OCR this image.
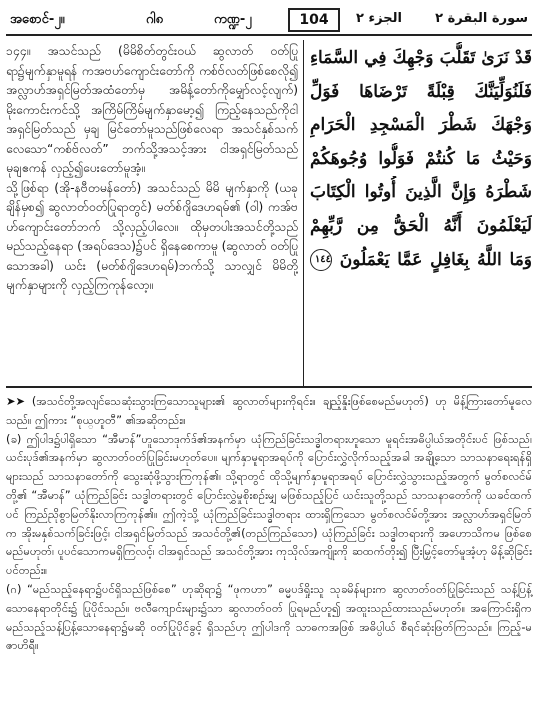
အစောင်-၂။	ဂါ၈	ကဏ္ဍ-၂	104	الجزء ٢	سورة البقرة ٢

၁၄၄။ အသင်သည် (မိမိစိတ်တွင်းဝယ် ဆွလာတ် ဝတ်ပြုရာ၌မျက်နှာမူရန် ကအဗဟ်ကျောင်းတော်ကို ကစ်ဗ်လတ်ဖြစ်စေလို၍ အလ္လာဟ်အရှင်မြတ်အထံတော်မှ အမိန့်တော်ကိုမျှော်လင့်လျက်) မိုးကောင်းကင်သို့ အကြိမ်ကြိမ်မျက်နှာမော့၍ ကြည့်နေသည်ကိုငါအရှင်မြတ်သည် မှချ မြင်တော်မူသည်ဖြစ်လေရာ အသင်နှစ်သက်လေသော“ကစ်ဗ်လတ်” ဘက်သို့အသင့်အား ငါအရှင်မြတ်သည် မုချဧကန် လှည့်၍ပေးတော်မူအံ့။

သို့ဖြစ်ရာ (အို-နဗီတမန်တော်) အသင်သည် မိမိ မျက်နှာကို (ယခုချိန်မှစ၍ ဆွလာတ်ဝတ်ပြုရာတွင်) မတ်စ်ဂျိဒေဟရမ်၏ (ဝါ) ကအ်ဗဟ်ကျောင်းတော်ဘက် သို့လှည့်ပါလေ။ ထိုမှတပါးအသင်တို့သည် မည်သည့်နေရာ (အရပ်ဒေသ)၌ပင် ရှိနေစေကာမူ (ဆွလာတ် ဝတ်ပြုသောအခါ) ယင်း (မတ်စ်ဂျိဒေဟရမ်)ဘက်သို့ သာလျှင် မိမိတို့မျက်နှာများကို လှည့်ကြကုန်လော့။

قَدْ نَرَىٰ تَقَلُّبَ وَجْهِكَ فِي السَّمَاءِ
فَلَنُوَلِّيَنَّكَ قِبْلَةً تَرْضَاهَا فَوَلِّ
وَجْهَكَ شَطْرَ الْمَسْجِدِ الْحَرَامِ
وَحَيْثُ مَا كُنتُمْ فَوَلُّوا وُجُوهَكُمْ
شَطْرَهُ وَإِنَّ الَّذِينَ أُوتُوا الْكِتَابَ
لَيَعْلَمُونَ أَنَّهُ الْحَقُّ مِن رَّبِّهِمْ
وَمَا اللَّهُ بِغَافِلٍ عَمَّا يَعْمَلُونَ ١٤٤

➤➤ (အသင်တို့အလျင်သေဆုံးသွားကြသောသူများ၏ ဆွလာတ်များကိုရင်း။ ချည့်နှိုးဖြစ်စေမည်မဟုတ်) ဟု မိန့်ကြားတော်မူလေသည်။ ဤကား “စုယ္ဟူတီ” ၏အဆိုတည်း။

(ခ) ဤပါဒ၌ပါရှိသော “အီမာန်”ဟူသောဒုက်ဒ်၏အနက်မှာ ယုံကြည်ခြင်းသဒ္ဓါတရားဟူသော မူရင်းအဓိပ္ပါယ်အတိုင်းပင် ဖြစ်သည်၊ ယင်းပုဒ်၏အနက်မှာ ဆွလာတ်ဝတ်ပြုခြင်းမဟုတ်ပေ။ မျက်နှာမူရာအရပ်ကို ပြောင်းလွှဲလိုက်သည့်အခါ အချို့သော သာသနာရေးရန်ရှိများသည် သာသနာတော်ကို သွေးဆုံဖို့သွားကြကုန်၏၊ သို့ရာတွင် ထိုသို့မျက်နှာမူရာအရပ် ပြောင်းလွှဲသွားသည့်အတွက် မွတ်စလင်မ်တို့၏ “အီမာန်” ယုံကြည်ခြင်း သဒ္ဓါတရားတွင် ပြောင်းလွှဲမှုစိုးစဉ်းမျှ မဖြစ်သည့်ပြင် ယင်းသူတို့သည် သာသနာတော်ကို ယခင်ထက်ပင် ကြည်ညိုစွာမြတ်နိုးလာကြကုန်၏။ ဤကဲ့သို့ ယုံကြည်ခြင်းသဒ္ဓါတရား ထားရှိကြသော မွတ်စလင်မ်တို့အား အလ္လာဟ်အရှင်မြတ်က အိုးမနှစ်သက်ခြင်းဖြင့်၊ ငါအရှင်မြတ်သည် အသင်တို့၏(တည်ကြည်သော) ယုံကြည်ခြင်း သဒ္ဓါတရားကို အဟောသိကမ ဖြစ်စေမည်မဟုတ်၊ ပူပင်သောကမရှိကြလင့်၊ ငါအရှင်သည် အသင်တို့အား ကုသိုလ်အကျိုးကို ဆထက်တိုး၍ ပြီးမြှင့်တော်မူအံ့ဟု မိန့်ဆိုခြင်းပင်တည်း။

(ဂ) “မည်သည့်နေရာ၌ပင်ရှိသည်ဖြစ်စေ” ဟုဆိုရာ၌ “ဖုကဟာ” ဓမ္မပဒ်ရှိုးသူ သုခမိန်များက ဆွလာတ်ဝတ်ပြုခြင်းသည် သန့်ပြန့်သောနေရာတိုင်း၌ ပြုပိုင်သည်။ ဗလီကျောင်းများ၌သာ ဆွလာတ်ဝတ် ပြုရမည်ဟူ၍ အထူးသည်ထားသည်မဟုတ်။ အကြောင်းရှိက မည်သည့်သန့်ပြန့်သောနေရာ၌မဆို ဝတ်ပြုပိုင်ခွင့် ရှိသည်ဟု ဤပါဒကို သာဓကအဖြစ် အဓိပ္ပါယ် စီရင်ဆုံးဖြတ်ကြသည်။ ကြည့်-မဇာဟိရီ။
